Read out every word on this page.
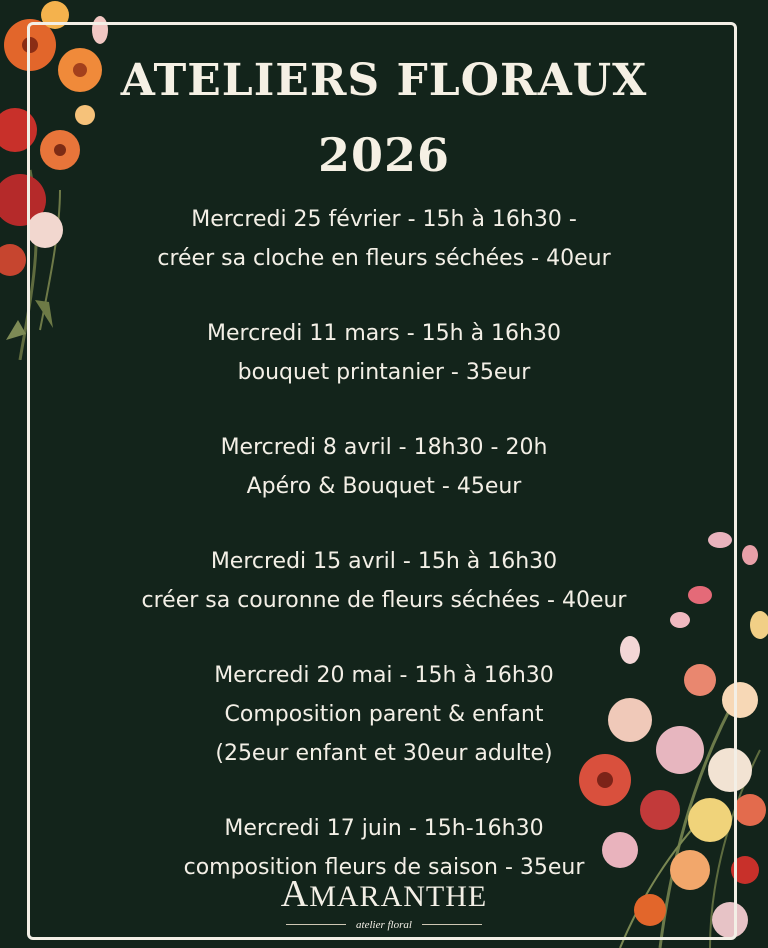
ATELIERS FLORAUX
2026

Mercredi 25 février - 15h à 16h30 -

créer sa cloche en fleurs séchées - 40eur

Mercredi 11 mars - 15h à 16h30

bouquet printanier - 35eur

Mercredi 8 avril - 18h30 - 20h

Apéro & Bouquet - 45eur

Mercredi 15 avril - 15h à 16h30

créer sa couronne de fleurs séchées - 40eur

Mercredi 20 mai - 15h à 16h30

Composition parent & enfant

(25eur enfant et 30eur adulte)

Mercredi 17 juin - 15h-16h30

composition fleurs de saison - 35eur

AMARANTHE
atelier floral
